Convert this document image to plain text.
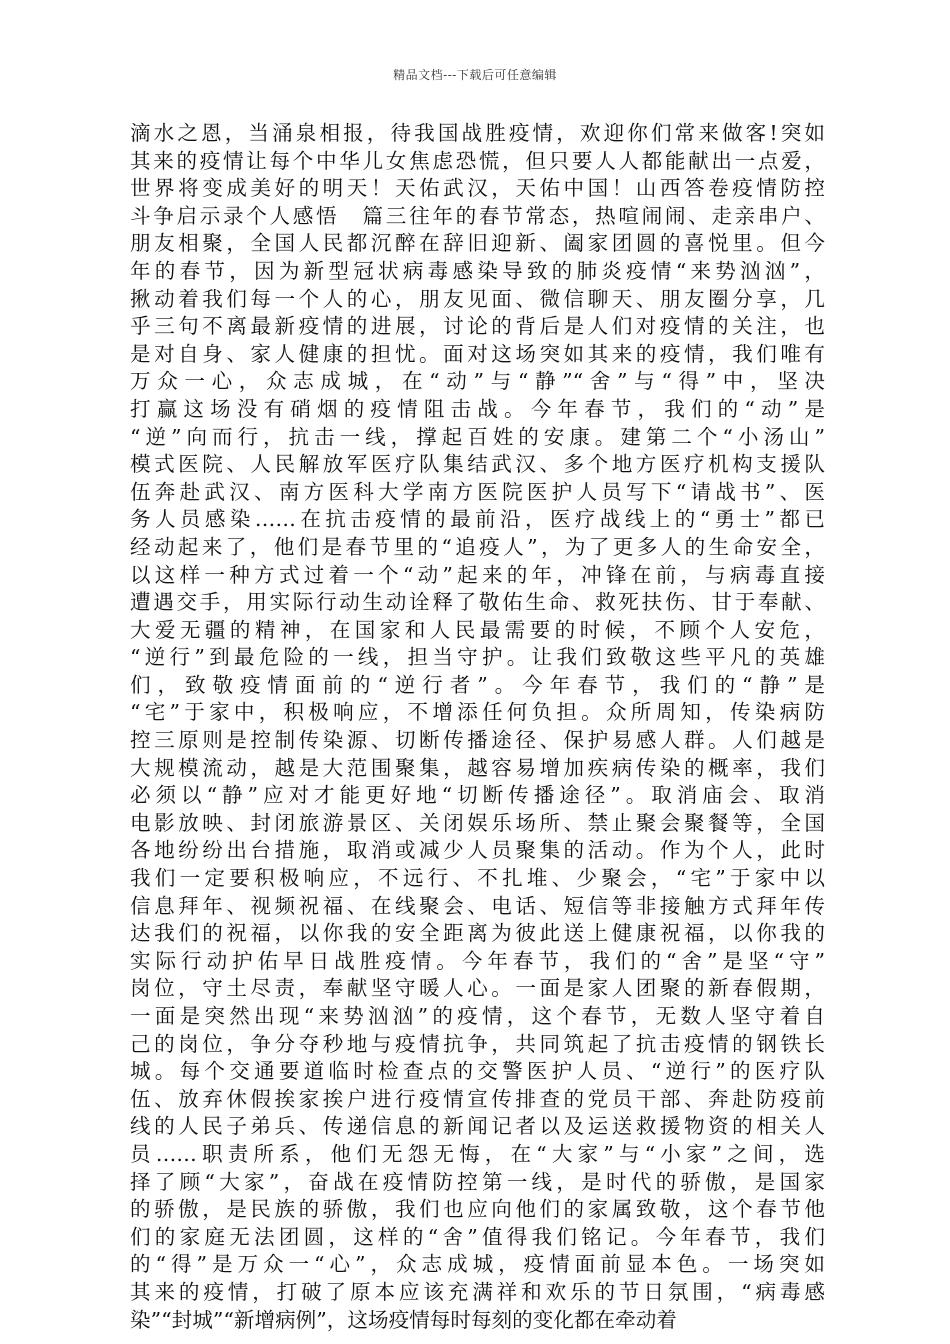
精品文档---下载后可任意编辑
滴水之恩，当涌泉相报，待我国战胜疫情，欢迎你们常来做客!突如
其来的疫情让每个中华儿女焦虑恐慌，但只要人人都能献出一点爱，
世界将变成美好的明天！天佑武汉，天佑中国！山西答卷疫情防控
斗争启示录个人感悟　篇三往年的春节常态，热喧闹闹、走亲串户、
朋友相聚，全国人民都沉醉在辞旧迎新、阖家团圆的喜悦里。但今
年的春节，因为新型冠状病毒感染导致的肺炎疫情“来势汹汹”，
揪动着我们每一个人的心，朋友见面、微信聊天、朋友圈分享，几
乎三句不离最新疫情的进展，讨论的背后是人们对疫情的关注，也
是对自身、家人健康的担忧。面对这场突如其来的疫情，我们唯有
万众一心，众志成城，在“动”与“静”“舍”与“得”中，坚决
打赢这场没有硝烟的疫情阻击战。今年春节，我们的“动”是
“逆”向而行，抗击一线，撑起百姓的安康。建第二个“小汤山”
模式医院、人民解放军医疗队集结武汉、多个地方医疗机构支援队
伍奔赴武汉、南方医科大学南方医院医护人员写下“请战书”、医
务人员感染……在抗击疫情的最前沿，医疗战线上的“勇士”都已
经动起来了，他们是春节里的“追疫人”，为了更多人的生命安全，
以这样一种方式过着一个“动”起来的年，冲锋在前，与病毒直接
遭遇交手，用实际行动生动诠释了敬佑生命、救死扶伤、甘于奉献、
大爱无疆的精神，在国家和人民最需要的时候，不顾个人安危，
“逆行”到最危险的一线，担当守护。让我们致敬这些平凡的英雄
们，致敬疫情面前的“逆行者”。今年春节，我们的“静”是
“宅”于家中，积极响应，不增添任何负担。众所周知，传染病防
控三原则是控制传染源、切断传播途径、保护易感人群。人们越是
大规模流动，越是大范围聚集，越容易增加疾病传染的概率，我们
必须以“静”应对才能更好地“切断传播途径”。取消庙会、取消
电影放映、封闭旅游景区、关闭娱乐场所、禁止聚会聚餐等，全国
各地纷纷出台措施，取消或减少人员聚集的活动。作为个人，此时
我们一定要积极响应，不远行、不扎堆、少聚会，“宅”于家中以
信息拜年、视频祝福、在线聚会、电话、短信等非接触方式拜年传
达我们的祝福，以你我的安全距离为彼此送上健康祝福，以你我的
实际行动护佑早日战胜疫情。今年春节，我们的“舍”是坚“守”
岗位，守土尽责，奉献坚守暖人心。一面是家人团聚的新春假期，
一面是突然出现“来势汹汹”的疫情，这个春节，无数人坚守着自
己的岗位，争分夺秒地与疫情抗争，共同筑起了抗击疫情的钢铁长
城。每个交通要道临时检查点的交警医护人员、“逆行”的医疗队
伍、放弃休假挨家挨户进行疫情宣传排查的党员干部、奔赴防疫前
线的人民子弟兵、传递信息的新闻记者以及运送救援物资的相关人
员……职责所系，他们无怨无悔，在“大家”与“小家”之间，选
择了顾“大家”，奋战在疫情防控第一线，是时代的骄傲，是国家
的骄傲，是民族的骄傲，我们也应向他们的家属致敬，这个春节他
们的家庭无法团圆，这样的“舍”值得我们铭记。今年春节，我们
的“得”是万众一“心”，众志成城，疫情面前显本色。一场突如
其来的疫情，打破了原本应该充满祥和欢乐的节日氛围，“病毒感
染”“封城”“新增病例”，这场疫情每时每刻的变化都在牵动着
